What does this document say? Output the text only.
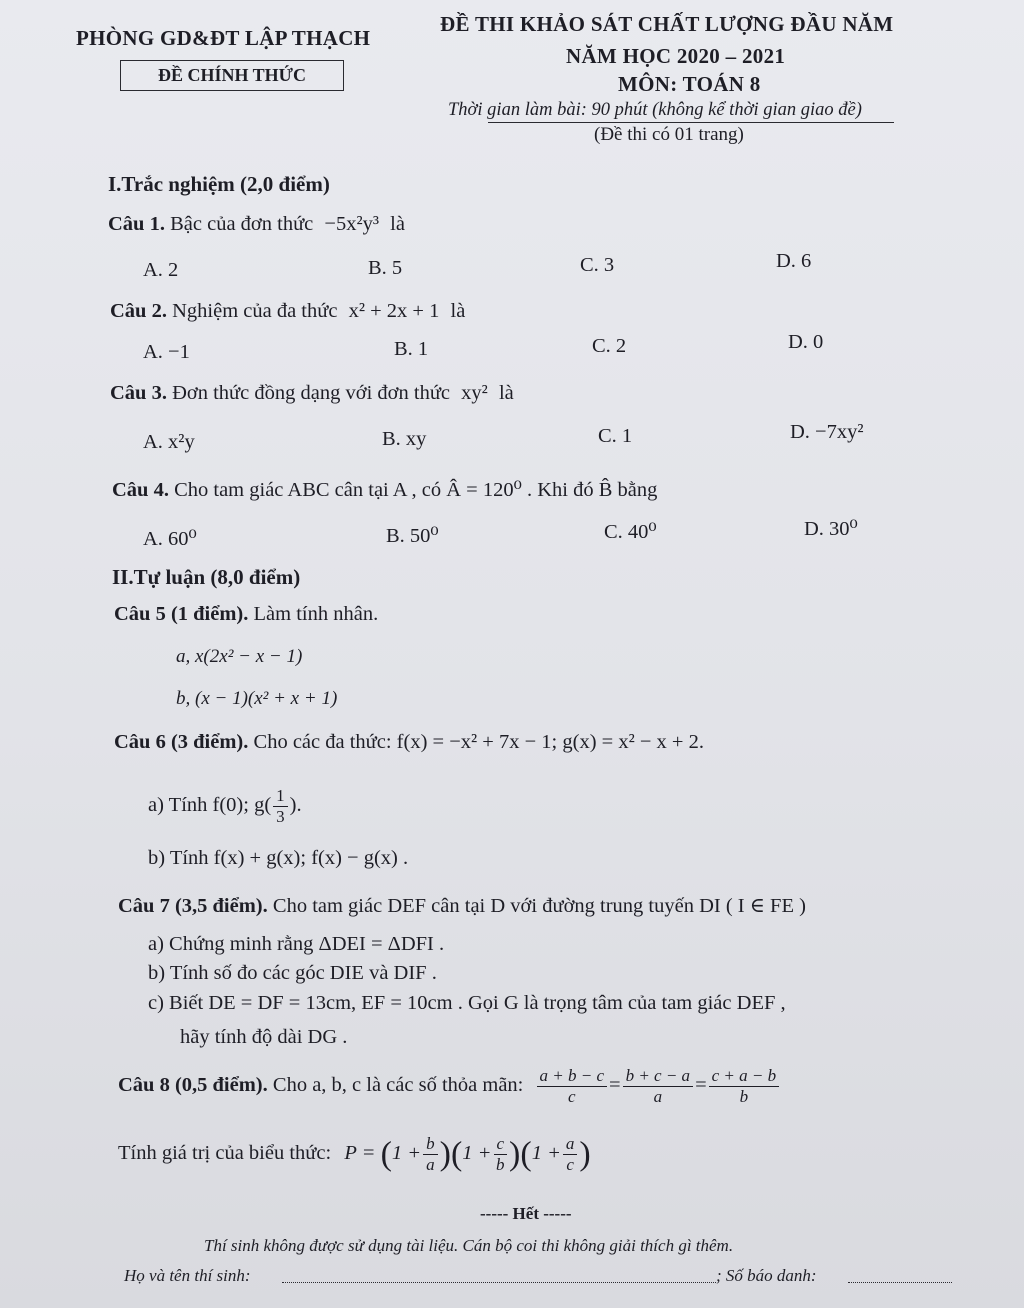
PHÒNG GD&ĐT LẬP THẠCH
ĐỀ CHÍNH THỨC
ĐỀ THI KHẢO SÁT CHẤT LƯỢNG ĐẦU NĂM
NĂM HỌC 2020 – 2021
MÔN: TOÁN 8
Thời gian làm bài: 90 phút (không kể thời gian giao đề)
(Đề thi có 01 trang)
I.Trắc nghiệm (2,0 điểm)
Câu 1. Bậc của đơn thức −5x²y³ là
A. 2	B. 5	C. 3	D. 6
Câu 2. Nghiệm của đa thức x² + 2x + 1 là
A. −1	B. 1	C. 2	D. 0
Câu 3. Đơn thức đồng dạng với đơn thức xy² là
A. x²y	B. xy	C. 1	D. −7xy²
Câu 4. Cho tam giác ABC cân tại A , có Â = 120⁰ . Khi đó B̂ bằng
A. 60⁰	B. 50⁰	C. 40⁰	D. 30⁰
II.Tự luận (8,0 điểm)
Câu 5 (1 điểm). Làm tính nhân.
a, x(2x² − x − 1)
b, (x − 1)(x² + x + 1)
Câu 6 (3 điểm). Cho các đa thức: f(x) = −x² + 7x − 1; g(x) = x² − x + 2.
a) Tính f(0); $g( \frac{1}{3}$ ).
b) Tính f(x) + g(x); f(x) − g(x) .
Câu 7 (3,5 điểm). Cho tam giác DEF cân tại D với đường trung tuyến DI ( I ∈ FE )
a) Chứng minh rằng ΔDEI = ΔDFI .
b) Tính số đo các góc DIE và DIF .
c) Biết DE = DF = 13cm, EF = 10cm . Gọi G là trọng tâm của tam giác DEF ,
hãy tính độ dài DG .
Câu 8 (0,5 điểm). Cho a, b, c là các số thỏa mãn: $\frac{a + b - c}{c} = \frac{b + c - a}{a} = \frac{c + a - b}{b}$
Tính giá trị của biểu thức: $P = (1 + \frac{b}{a} )(1 + \frac{c}{b} )(1 + \frac{a}{c}$ )
----- Hết -----
Thí sinh không được sử dụng tài liệu. Cán bộ coi thi không giải thích gì thêm.
Họ và tên thí sinh:	; Số báo danh:
